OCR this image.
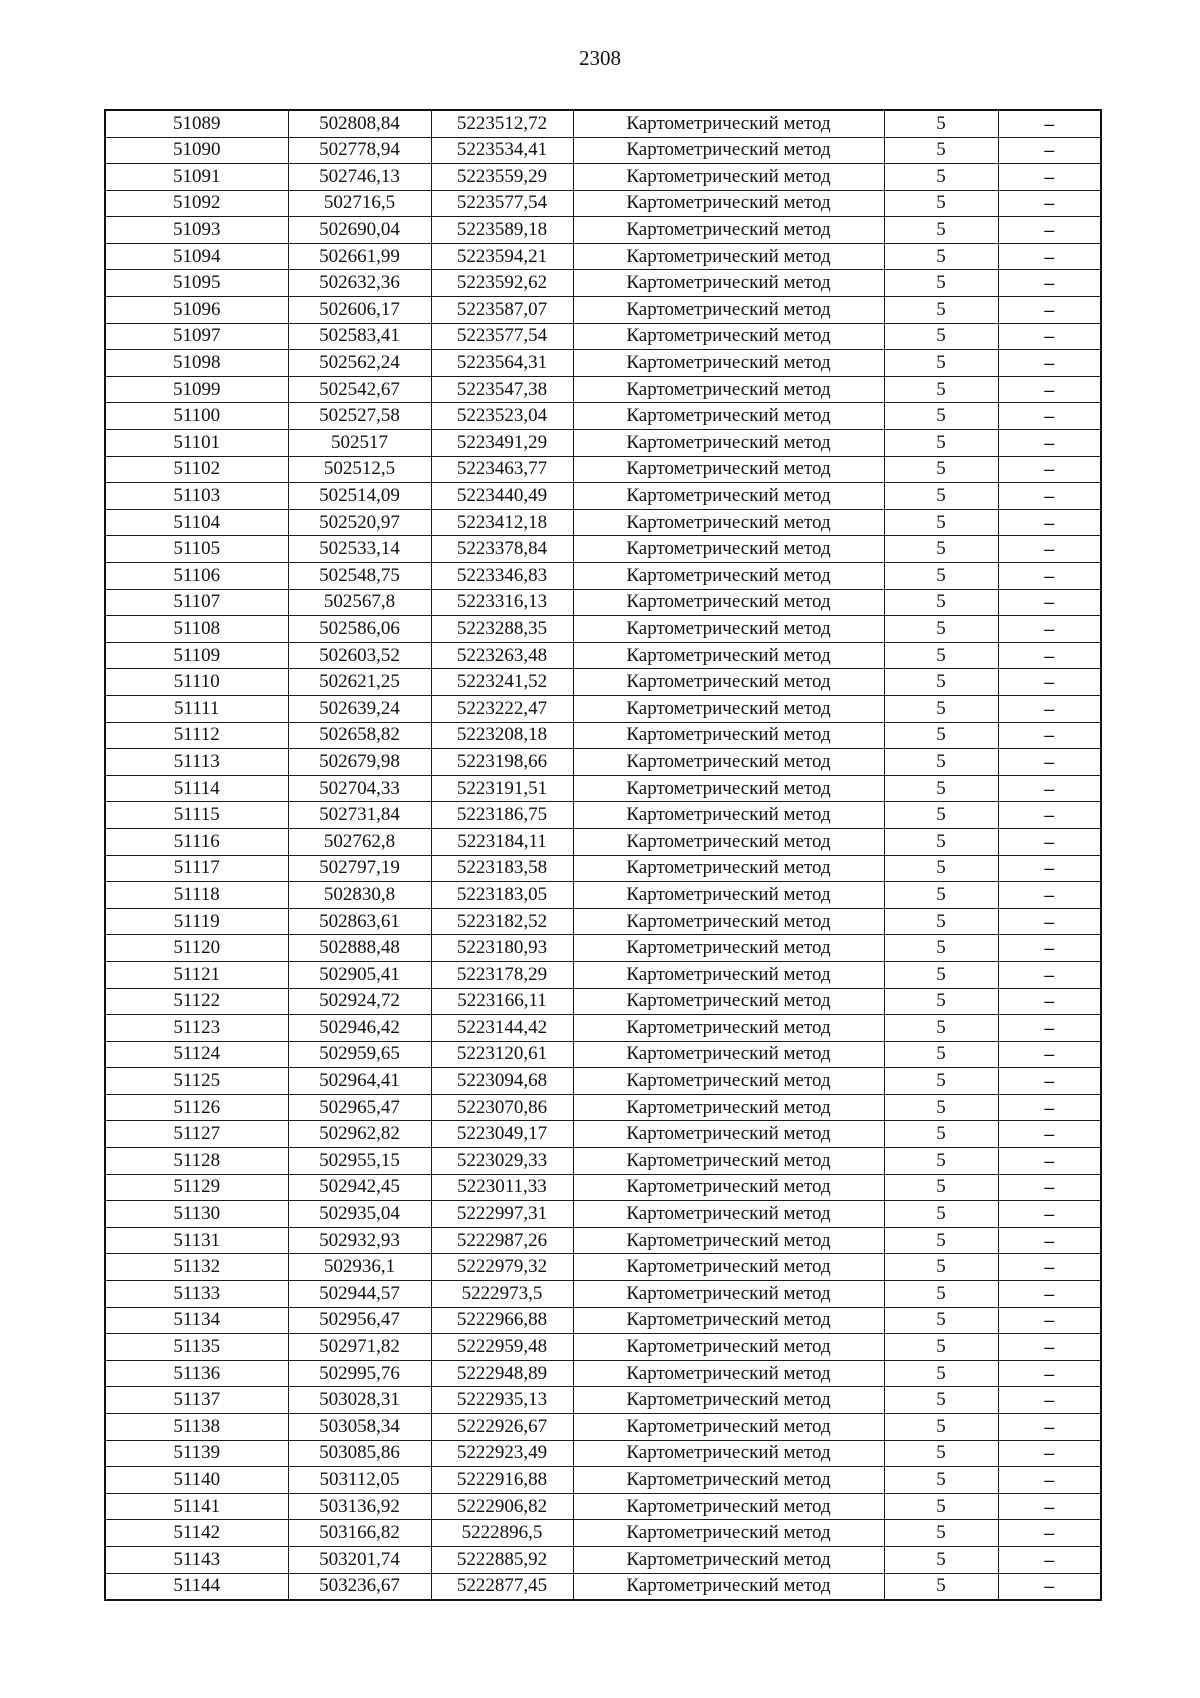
2308
51089	502808,84	5223512,72	Картометрический метод	5	–
51090	502778,94	5223534,41	Картометрический метод	5	–
51091	502746,13	5223559,29	Картометрический метод	5	–
51092	502716,5	5223577,54	Картометрический метод	5	–
51093	502690,04	5223589,18	Картометрический метод	5	–
51094	502661,99	5223594,21	Картометрический метод	5	–
51095	502632,36	5223592,62	Картометрический метод	5	–
51096	502606,17	5223587,07	Картометрический метод	5	–
51097	502583,41	5223577,54	Картометрический метод	5	–
51098	502562,24	5223564,31	Картометрический метод	5	–
51099	502542,67	5223547,38	Картометрический метод	5	–
51100	502527,58	5223523,04	Картометрический метод	5	–
51101	502517	5223491,29	Картометрический метод	5	–
51102	502512,5	5223463,77	Картометрический метод	5	–
51103	502514,09	5223440,49	Картометрический метод	5	–
51104	502520,97	5223412,18	Картометрический метод	5	–
51105	502533,14	5223378,84	Картометрический метод	5	–
51106	502548,75	5223346,83	Картометрический метод	5	–
51107	502567,8	5223316,13	Картометрический метод	5	–
51108	502586,06	5223288,35	Картометрический метод	5	–
51109	502603,52	5223263,48	Картометрический метод	5	–
51110	502621,25	5223241,52	Картометрический метод	5	–
51111	502639,24	5223222,47	Картометрический метод	5	–
51112	502658,82	5223208,18	Картометрический метод	5	–
51113	502679,98	5223198,66	Картометрический метод	5	–
51114	502704,33	5223191,51	Картометрический метод	5	–
51115	502731,84	5223186,75	Картометрический метод	5	–
51116	502762,8	5223184,11	Картометрический метод	5	–
51117	502797,19	5223183,58	Картометрический метод	5	–
51118	502830,8	5223183,05	Картометрический метод	5	–
51119	502863,61	5223182,52	Картометрический метод	5	–
51120	502888,48	5223180,93	Картометрический метод	5	–
51121	502905,41	5223178,29	Картометрический метод	5	–
51122	502924,72	5223166,11	Картометрический метод	5	–
51123	502946,42	5223144,42	Картометрический метод	5	–
51124	502959,65	5223120,61	Картометрический метод	5	–
51125	502964,41	5223094,68	Картометрический метод	5	–
51126	502965,47	5223070,86	Картометрический метод	5	–
51127	502962,82	5223049,17	Картометрический метод	5	–
51128	502955,15	5223029,33	Картометрический метод	5	–
51129	502942,45	5223011,33	Картометрический метод	5	–
51130	502935,04	5222997,31	Картометрический метод	5	–
51131	502932,93	5222987,26	Картометрический метод	5	–
51132	502936,1	5222979,32	Картометрический метод	5	–
51133	502944,57	5222973,5	Картометрический метод	5	–
51134	502956,47	5222966,88	Картометрический метод	5	–
51135	502971,82	5222959,48	Картометрический метод	5	–
51136	502995,76	5222948,89	Картометрический метод	5	–
51137	503028,31	5222935,13	Картометрический метод	5	–
51138	503058,34	5222926,67	Картометрический метод	5	–
51139	503085,86	5222923,49	Картометрический метод	5	–
51140	503112,05	5222916,88	Картометрический метод	5	–
51141	503136,92	5222906,82	Картометрический метод	5	–
51142	503166,82	5222896,5	Картометрический метод	5	–
51143	503201,74	5222885,92	Картометрический метод	5	–
51144	503236,67	5222877,45	Картометрический метод	5	–
